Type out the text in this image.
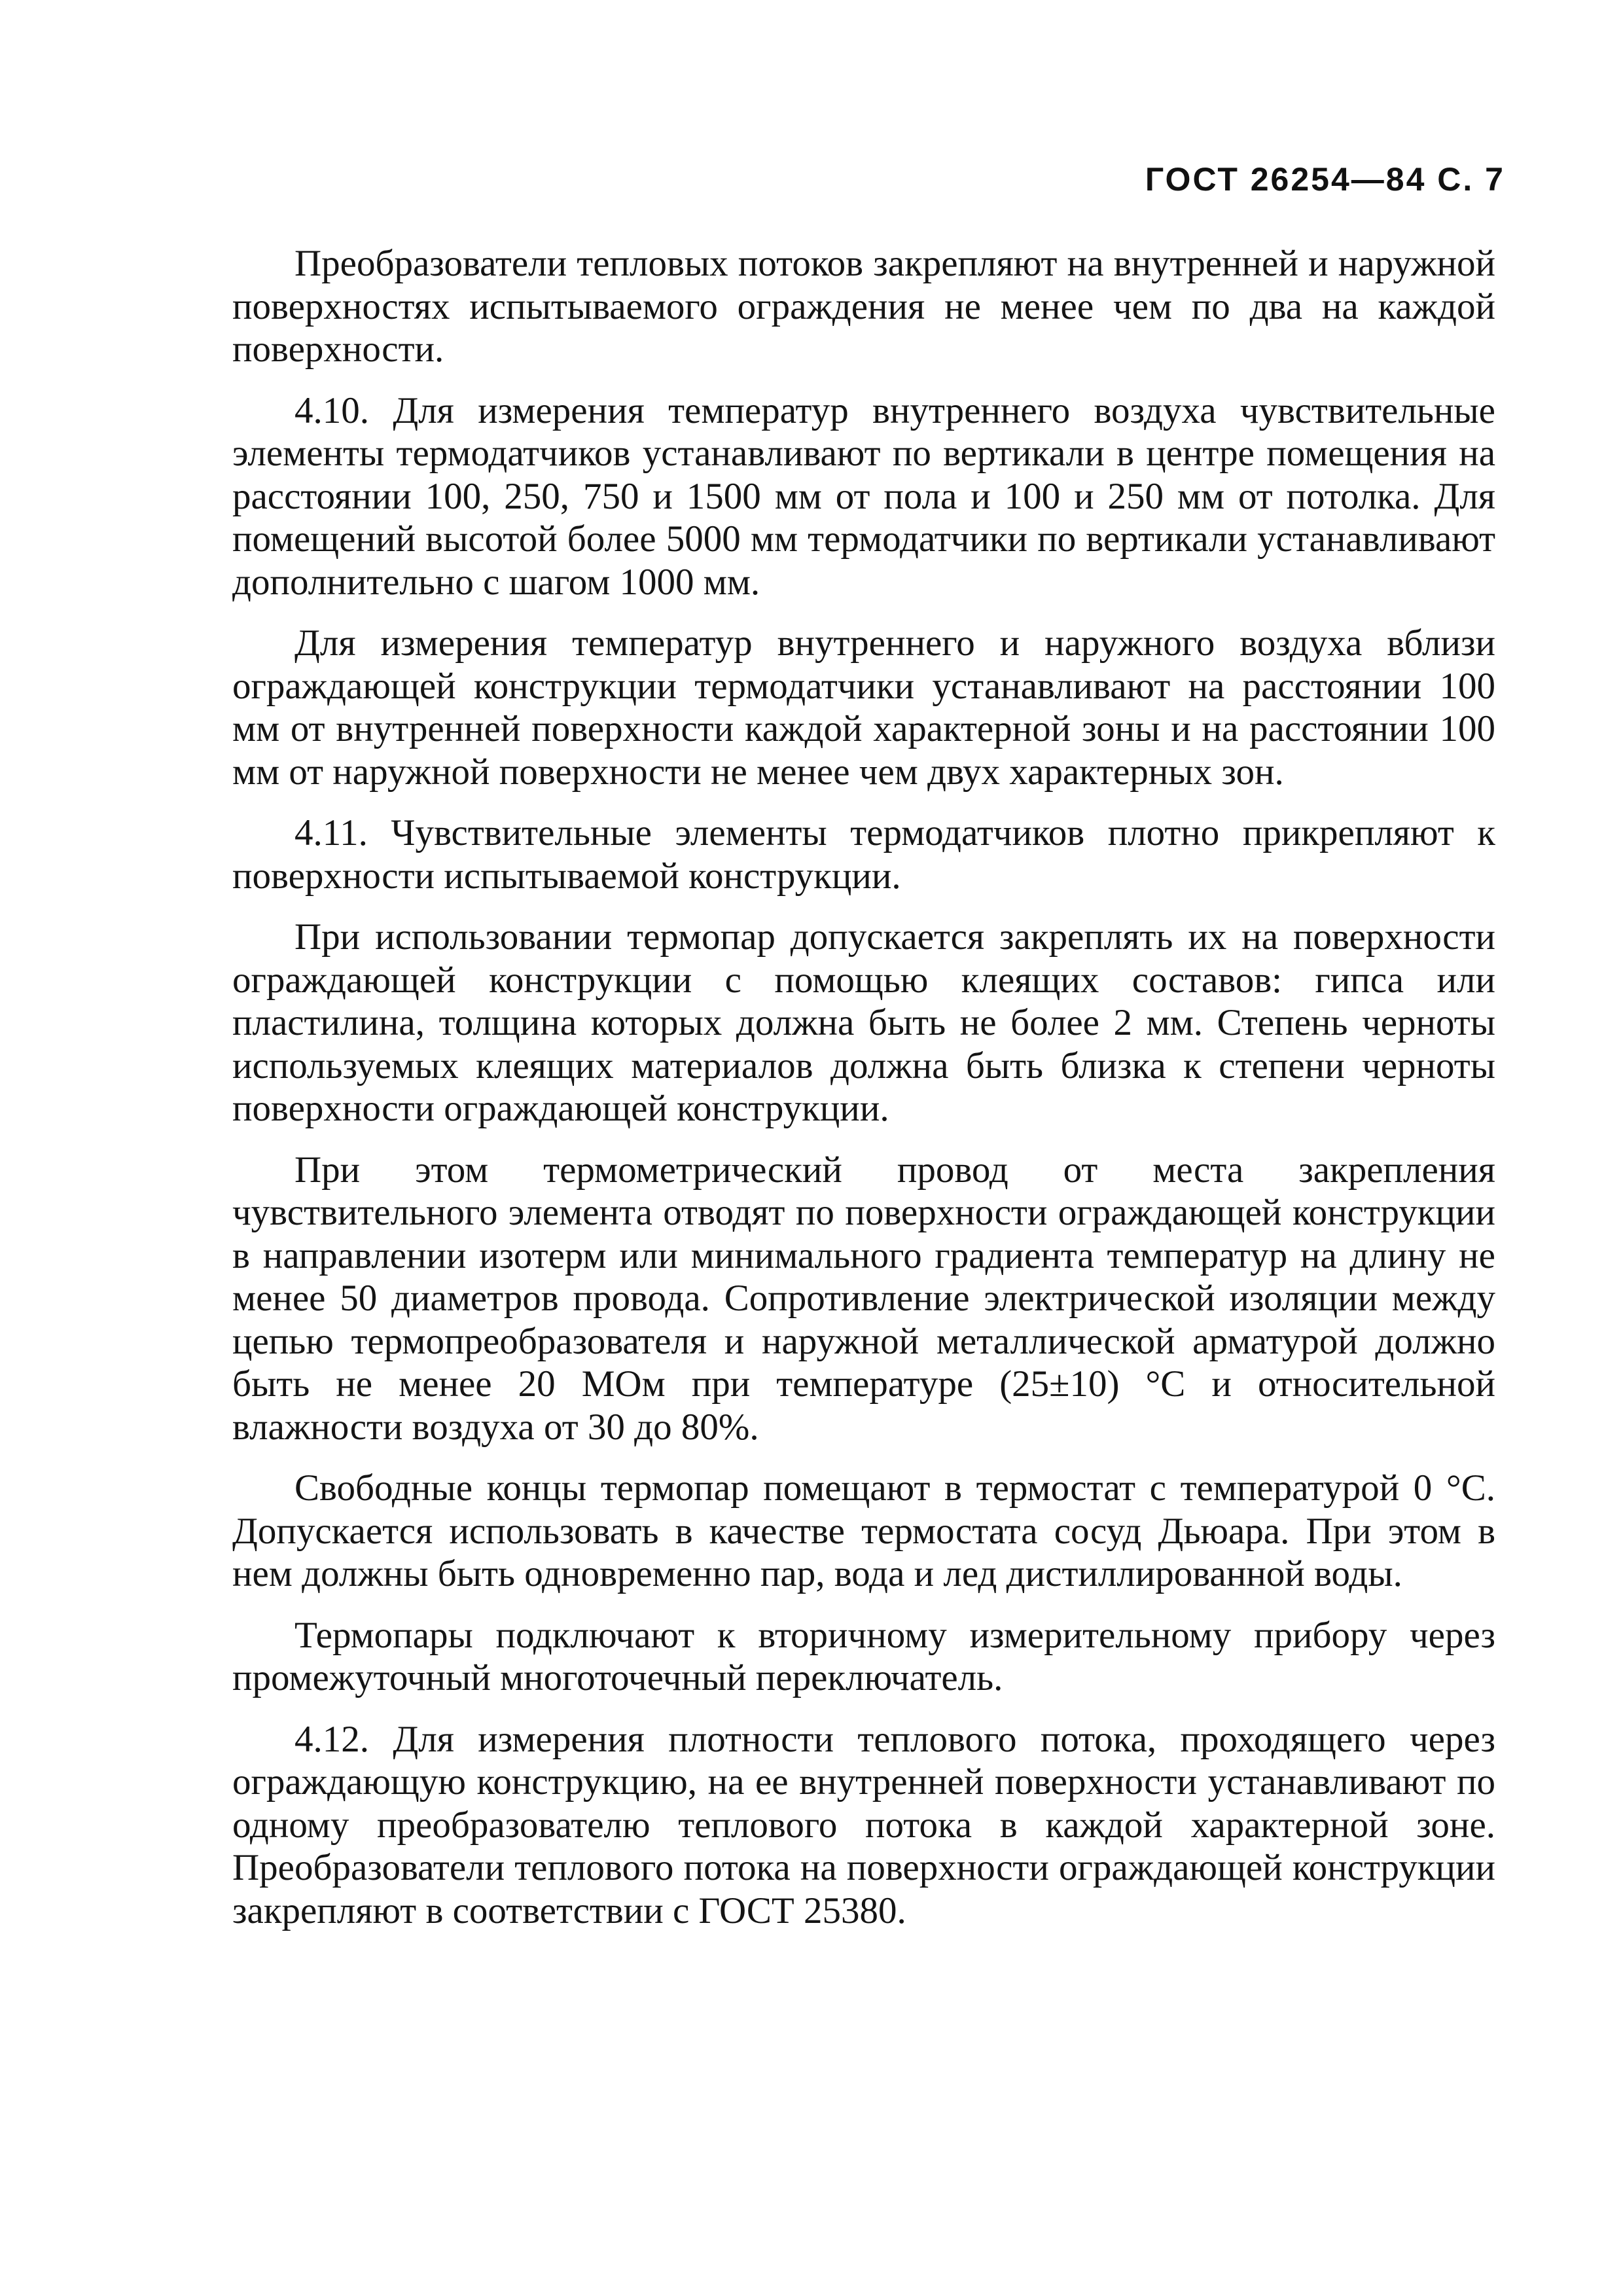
ГОСТ 26254—84 С. 7

Преобразователи тепловых потоков закрепляют на внутренней и наружной поверхностях испытываемого ограждения не менее чем по два на каждой поверхности.

4.10. Для измерения температур внутреннего воздуха чувствительные элементы термодатчиков устанавливают по вертикали в центре помещения на расстоянии 100, 250, 750 и 1500 мм от пола и 100 и 250 мм от потолка. Для помещений высотой более 5000 мм термодатчики по вертикали устанавливают дополнительно с шагом 1000 мм.

Для измерения температур внутреннего и наружного воздуха вблизи ограждающей конструкции термодатчики устанавливают на расстоянии 100 мм от внутренней поверхности каждой характерной зоны и на расстоянии 100 мм от наружной поверхности не менее чем двух характерных зон.

4.11. Чувствительные элементы термодатчиков плотно прикрепляют к поверхности испытываемой конструкции.

При использовании термопар допускается закреплять их на поверхности ограждающей конструкции с помощью клеящих составов: гипса или пластилина, толщина которых должна быть не более 2 мм. Степень черноты используемых клеящих материалов должна быть близка к степени черноты поверхности ограждающей конструкции.

При этом термометрический провод от места закрепления чувствительного элемента отводят по поверхности ограждающей конструкции в направлении изотерм или минимального градиента температур на длину не менее 50 диаметров провода. Сопротивление электрической изоляции между цепью термопреобразователя и наружной металлической арматурой должно быть не менее 20 МОм при температуре (25±10) °С и относительной влажности воздуха от 30 до 80%.

Свободные концы термопар помещают в термостат с температурой 0 °С. Допускается использовать в качестве термостата сосуд Дьюара. При этом в нем должны быть одновременно пар, вода и лед дистиллированной воды.

Термопары подключают к вторичному измерительному прибору через промежуточный многоточечный переключатель.

4.12. Для измерения плотности теплового потока, проходящего через ограждающую конструкцию, на ее внутренней поверхности устанавливают по одному преобразователю теплового потока в каждой характерной зоне. Преобразователи теплового потока на поверхности ограждающей конструкции закрепляют в соответствии с ГОСТ 25380.
